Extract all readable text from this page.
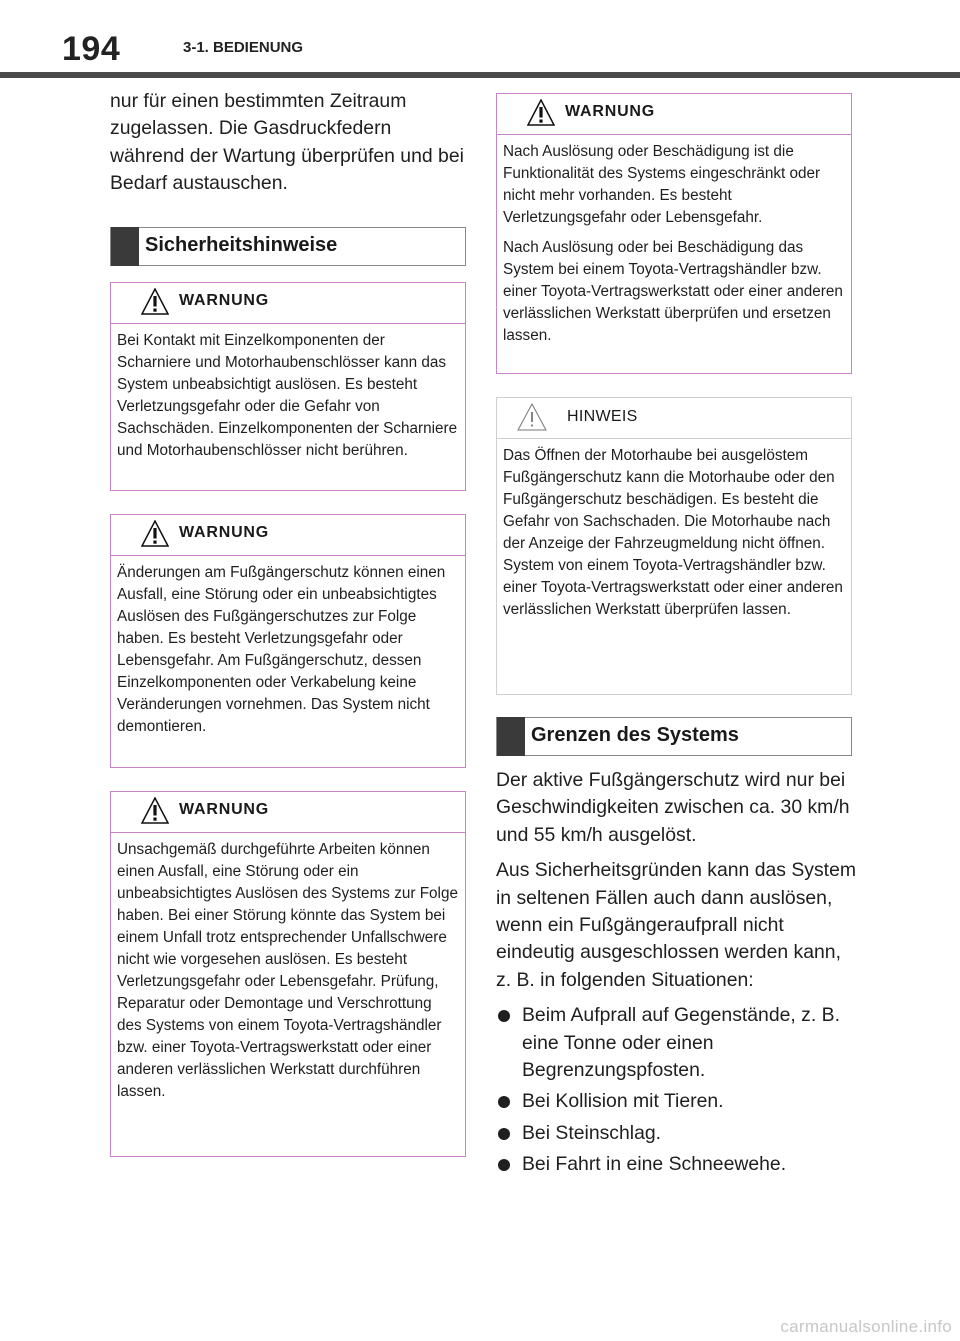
194	3-1. BEDIENUNG
nur für einen bestimmten Zeitraum zugelassen. Die Gasdruckfedern während der Wartung überprüfen und bei Bedarf austauschen.
Sicherheitshinweise
WARNUNG

Bei Kontakt mit Einzelkomponenten der Scharniere und Motorhaubenschlösser kann das System unbeabsichtigt auslösen. Es besteht Verletzungsgefahr oder die Gefahr von Sachschäden. Einzelkomponenten der Scharniere und Motorhaubenschlösser nicht berühren.

WARNUNG

Änderungen am Fußgängerschutz können einen Ausfall, eine Störung oder ein unbeabsichtigtes Auslösen des Fußgängerschutzes zur Folge haben. Es besteht Verletzungsgefahr oder Lebensgefahr. Am Fußgängerschutz, dessen Einzelkomponenten oder Verkabelung keine Veränderungen vornehmen. Das System nicht demontieren.

WARNUNG

Unsachgemäß durchgeführte Arbeiten können einen Ausfall, eine Störung oder ein unbeabsichtigtes Auslösen des Systems zur Folge haben. Bei einer Störung könnte das System bei einem Unfall trotz entsprechender Unfallschwere nicht wie vorgesehen auslösen. Es besteht Verletzungsgefahr oder Lebensgefahr. Prüfung, Reparatur oder Demontage und Verschrottung des Systems von einem Toyota-Vertragshändler bzw. einer Toyota-Vertragswerkstatt oder einer anderen verlässlichen Werkstatt durchführen lassen.

WARNUNG

Nach Auslösung oder Beschädigung ist die Funktionalität des Systems eingeschränkt oder nicht mehr vorhanden. Es besteht Verletzungsgefahr oder Lebensgefahr.

Nach Auslösung oder bei Beschädigung das System bei einem Toyota-Vertragshändler bzw. einer Toyota-Vertragswerkstatt oder einer anderen verlässlichen Werkstatt überprüfen und ersetzen lassen.

HINWEIS

Das Öffnen der Motorhaube bei ausgelöstem Fußgängerschutz kann die Motorhaube oder den Fußgängerschutz beschädigen. Es besteht die Gefahr von Sachschaden. Die Motorhaube nach der Anzeige der Fahrzeugmeldung nicht öffnen. System von einem Toyota-Vertragshändler bzw. einer Toyota-Vertragswerkstatt oder einer anderen verlässlichen Werkstatt überprüfen lassen.

Grenzen des Systems

Der aktive Fußgängerschutz wird nur bei Geschwindigkeiten zwischen ca. 30 km/h und 55 km/h ausgelöst.

Aus Sicherheitsgründen kann das System in seltenen Fällen auch dann auslösen, wenn ein Fußgängeraufprall nicht eindeutig ausgeschlossen werden kann, z. B. in folgenden Situationen:

Beim Aufprall auf Gegenstände, z. B. eine Tonne oder einen Begrenzungspfosten.
Bei Kollision mit Tieren.
Bei Steinschlag.
Bei Fahrt in eine Schneewehe.
carmanualsonline.info
